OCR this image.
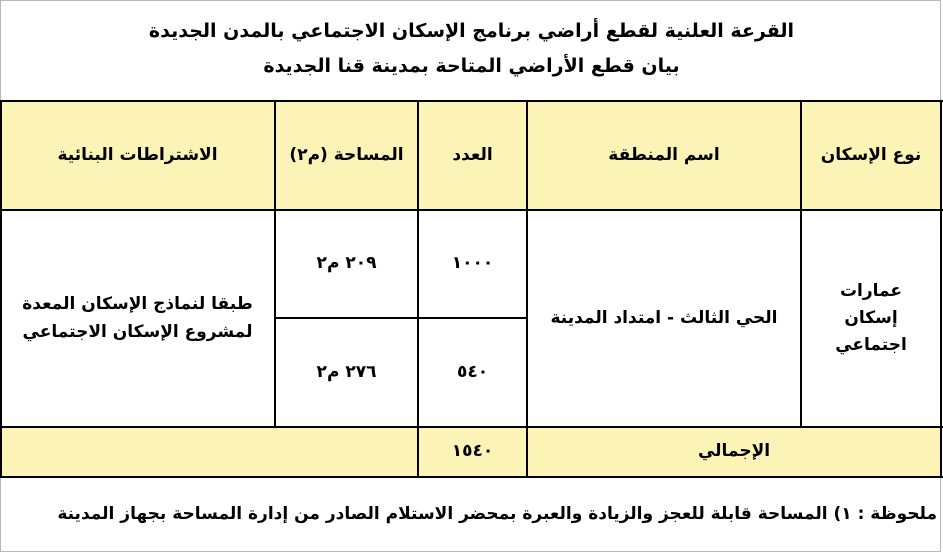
القرعة العلنية لقطع أراضي برنامج الإسكان الاجتماعي بالمدن الجديدة
بيان قطع الأراضي المتاحة بمدينة قنا الجديدة
نوع الإسكان
اسم المنطقة
العدد
المساحة (م٢)
الاشتراطات البنائية
عمارات إسكان اجتماعي
الحي الثالث - امتداد المدينة
١٠٠٠
٢٠٩ م٢
٥٤٠
٢٧٦ م٢
طبقا لنماذج الإسكان المعدة لمشروع الإسكان الاجتماعي
الإجمالي
١٥٤٠
ملحوظة : ١) المساحة قابلة للعجز والزيادة والعبرة بمحضر الاستلام الصادر من إدارة المساحة بجهاز المدينة
